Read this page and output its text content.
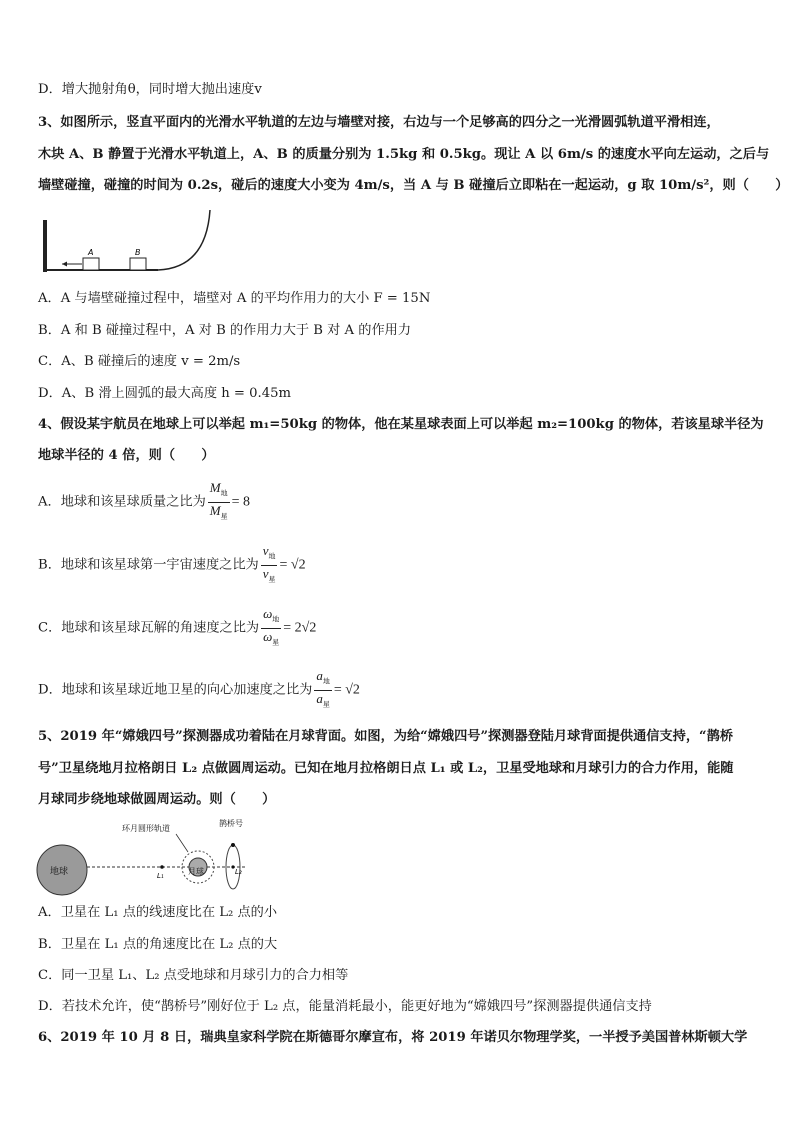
D．增大抛射角θ，同时增大抛出速度v
3、如图所示，竖直平面内的光滑水平轨道的左边与墙壁对接，右边与一个足够高的四分之一光滑圆弧轨道平滑相连，
木块 A、B 静置于光滑水平轨道上，A、B 的质量分别为 1.5kg 和 0.5kg。现让 A 以 6m/s 的速度水平向左运动，之后与
墙壁碰撞，碰撞的时间为 0.2s，碰后的速度大小变为 4m/s，当 A 与 B 碰撞后立即粘在一起运动，g 取 10m/s²，则（　　）
A	B
A．A 与墙壁碰撞过程中，墙壁对 A 的平均作用力的大小 F = 15N
B．A 和 B 碰撞过程中，A 对 B 的作用力大于 B 对 A 的作用力
C．A、B 碰撞后的速度 v = 2m/s
D．A、B 滑上圆弧的最大高度 h = 0.45m
4、假设某宇航员在地球上可以举起 m₁=50kg 的物体，他在某星球表面上可以举起 m₂=100kg 的物体，若该星球半径为
地球半径的 4 倍，则（　　）
A．地球和该星球质量之比为 $\frac{M_地}{M_星} = 8$
B．地球和该星球第一宇宙速度之比为 $\frac{v_地}{v_星} = √2$
C．地球和该星球瓦解的角速度之比为 $\frac{\omega_地}{\omega_星} = 2√2$
D．地球和该星球近地卫星的向心加速度之比为 $\frac{a_地}{a_星} = √2$
5、2019 年“嫦娥四号”探测器成功着陆在月球背面。如图，为给“嫦娥四号”探测器登陆月球背面提供通信支持，“鹊桥
号”卫星绕地月拉格朗日 L₂ 点做圆周运动。已知在地月拉格朗日点 L₁ 或 L₂，卫星受地球和月球引力的合力作用，能随
月球同步绕地球做圆周运动。则（　　）
地球	L₁	月球
环月圆形轨道
L₂
鹊桥号
A．卫星在 L₁ 点的线速度比在 L₂ 点的小
B．卫星在 L₁ 点的角速度比在 L₂ 点的大
C．同一卫星 L₁、L₂ 点受地球和月球引力的合力相等
D．若技术允许，使“鹊桥号”刚好位于 L₂ 点，能量消耗最小，能更好地为“嫦娥四号”探测器提供通信支持
6、2019 年 10 月 8 日，瑞典皇家科学院在斯德哥尔摩宣布，将 2019 年诺贝尔物理学奖，一半授予美国普林斯顿大学
